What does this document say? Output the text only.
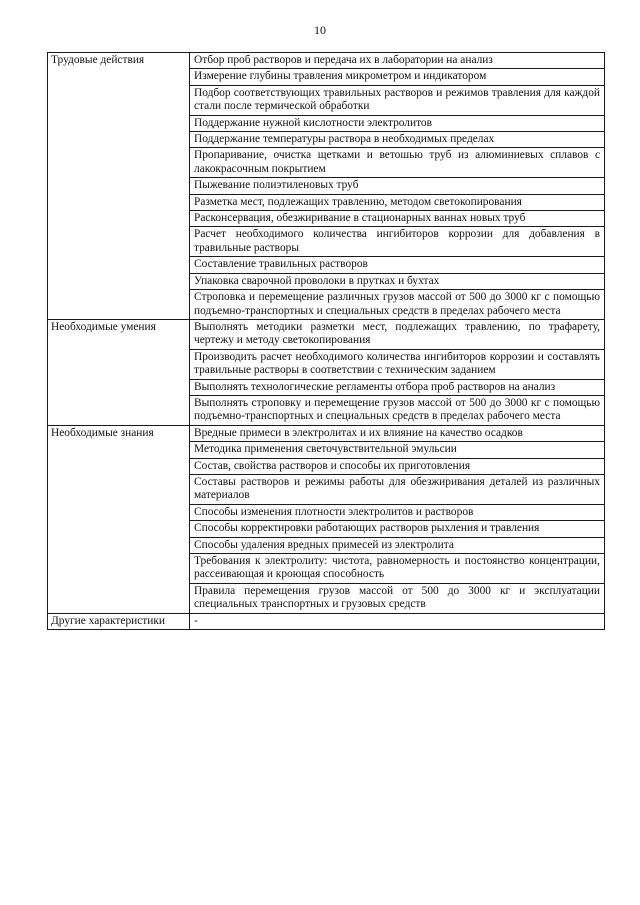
10
Трудовые действия	Отбор проб растворов и передача их в лаборатории на анализ
	Измерение глубины травления микрометром и индикатором
	Подбор соответствующих травильных растворов и режимов травления для каждой стали после термической обработки
	Поддержание нужной кислотности электролитов
	Поддержание температуры раствора в необходимых пределах
	Пропаривание, очистка щетками и ветошью труб из алюминиевых сплавов с лакокрасочным покрытием
	Пыжевание полиэтиленовых труб
	Разметка мест, подлежащих травлению, методом светокопирования
	Расконсервация, обезжиривание в стационарных ваннах новых труб
	Расчет необходимого количества ингибиторов коррозии для добавления в травильные растворы
	Составление травильных растворов
	Упаковка сварочной проволоки в прутках и бухтах
	Строповка и перемещение различных грузов массой от 500 до 3000 кг с помощью подъемно-транспортных и специальных средств в пределах рабочего места
Необходимые умения	Выполнять методики разметки мест, подлежащих травлению, по трафарету, чертежу и методу светокопирования
	Производить расчет необходимого количества ингибиторов коррозии и составлять травильные растворы в соответствии с техническим заданием
	Выполнять технологические регламенты отбора проб растворов на анализ
	Выполнять строповку и перемещение грузов массой от 500 до 3000 кг с помощью подъемно-транспортных и специальных средств в пределах рабочего места
Необходимые знания	Вредные примеси в электролитах и их влияние на качество осадков
	Методика применения светочувствительной эмульсии
	Состав, свойства растворов и способы их приготовления
	Составы растворов и режимы работы для обезжиривания деталей из различных материалов
	Способы изменения плотности электролитов и растворов
	Способы корректировки работающих растворов рыхления и травления
	Способы удаления вредных примесей из электролита
	Требования к электролиту: чистота, равномерность и постоянство концентрации, рассеивающая и кроющая способность
	Правила перемещения грузов массой от 500 до 3000 кг и эксплуатации специальных транспортных и грузовых средств
Другие характеристики	-
